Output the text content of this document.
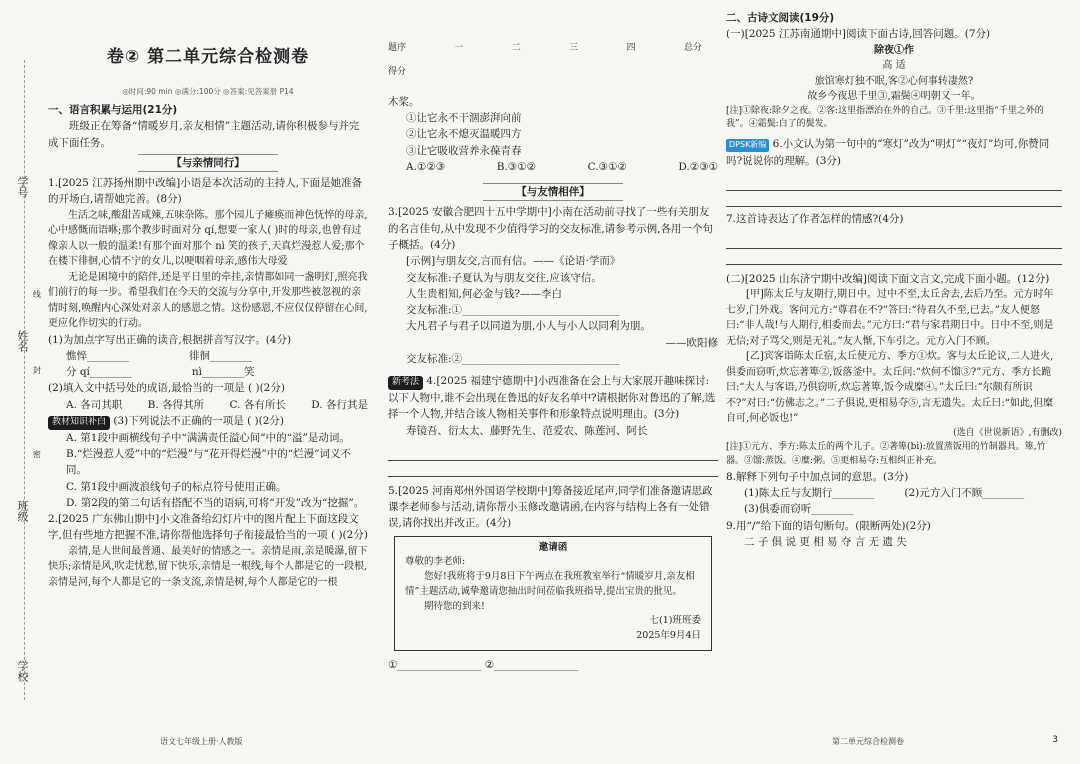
学号
线
姓名
封
班级
密
学校
卷② 第二单元综合检测卷
◎时间:90 min ◎满分:100分 ◎答案:见答案册 P14
一、语言积累与运用(21分)
班级正在筹备“情暖岁月,亲友相情”主题活动,请你积极参与并完成下面任务。
【与亲情同行】
1.[2025 江苏扬州期中改编]小语是本次活动的主持人,下面是她准备的开场白,请帮她完善。(8分)
生活之味,酸甜苦咸辣,五味杂陈。那个园儿子瘫痪而神色怃悴的母亲,心中感慨而语咻;那个教步时面对分 qí,想要一家人( )时的母亲,也曾有过像亲人以一般的温柔!有那个面对那个 nì 笑的孩子,天真烂漫惹人爱;那个在楼下徘徊,心情不宁的女儿,以哽咽着母亲,感伟大母爱
无论是困境中的陪伴,还是平日里的牵挂,亲情都如同一盏明灯,照亮我们前行的每一步。希望我们在今天的交流与分享中,开发那些被忽视的亲情时刻,唤醒内心深处对亲人的感恩之情。这份感恩,不应仅仅停留在心间,更应化作切实的行动。
(1)为加点字写出正确的读音,根据拼音写汉字。(4分)
憔悴________	徘徊________
分 qí________	nì________笑
(2)填入文中括号处的成语,最恰当的一项是 ( )(2分)
A. 各司其职 B. 各得其所 C. 各有所长 D. 各行其是
教材知识补白 (3)下列说法不正确的一项是 ( )(2分)
A. 第1段中画横线句子中“满满责任溢心间”中的“溢”是动词。
B.“烂漫惹人爱”中的“烂漫”与“花开得烂漫”中的“烂漫”词义不同。
C. 第1段中画波浪线句子的标点符号使用正确。
D. 第2段的第二句话有搭配不当的语病,可将“开发”改为“挖掘”。
2.[2025 广东佛山期中]小文准备给幻灯片中的图片配上下面这段文字,但有些地方把握不准,请你帮他选择句子衔接最恰当的一项 ( )(2分)
亲情,是人世间最普通、最美好的情感之一。亲情是雨,亲是暖瀑,留下快乐;亲情是风,吹走忧愁,留下快乐,亲情是一根线,每个人都是它的一段根,亲情是河,每个人都是它的一条支流,亲情是树,每个人都是它的一根
语文七年级上册·人教版
题序	一	二	三	四	总分
得分
木桨。
①让它永不干涸澎湃向前
②让它永不熄灭温暖四方
③让它吸收营养永葆青春
A.①②③	B.③①②	C.③①②	D.②③①
【与友情相伴】
3.[2025 安徽合肥四十五中学期中]小南在活动前寻找了一些有关朋友的名言佳句,从中发现不少值得学习的交友标准,请参考示例,各用一个句子概括。(4分)
[示例]与朋友交,言而有信。——《论语·学而》
交友标准:子夏认为与朋友交往,应该守信。
人生贵相知,何必金与钱?——李白
交友标准:①______________________________
大凡君子与君子以同道为朋,小人与小人以同利为朋。
——欧阳修
交友标准:②______________________________
新考法 4.[2025 福建宁德期中]小西准备在会上与大家展开趣味探讨:以下人物中,谁不会出现在鲁迅的好友名单中?请根据你对鲁迅的了解,选择一个人物,并结合该人物相关事件和形象特点说明理由。(3分)
寿镜吾、衍太太、藤野先生、范爱农、陈莲河、阿长
5.[2025 河南郑州外国语学校期中]筹备接近尾声,同学们准备邀请思政课李老师参与活动,请你帮小玉修改邀请函,在内容与结构上各有一处错误,请你找出并改正。(4分)
邀请函
尊敬的李老师:
您好!我班将于9月8日下午两点在我班教室举行“情暖岁月,亲友相情”主题活动,诚挚邀请您抽出时间莅临我班指导,提出宝贵的批见。
期待您的到来!
七(1)班班委
2025年9月4日
①________________ ②________________
二、古诗文阅读(19分)
(一)[2025 江苏南通期中]阅读下面古诗,回答问题。(7分)
除夜①作
高 适
旅馆寒灯独不眠,客②心何事转凄然?
故乡今夜思千里③,霜鬓④明朝又一年。
[注]①除夜:除夕之夜。②客:这里指漂泊在外的自己。③千里:这里指“千里之外的我”。④霜鬓:白了的鬓发。
DPSK新编 6.小文认为第一句中的“寒灯”改为“明灯”“夜灯”均可,你赞同吗?说说你的理解。(3分)
7.这首诗表达了作者怎样的情感?(4分)
(二)[2025 山东济宁期中改编]阅读下面文言文,完成下面小题。(12分)
[甲]陈太丘与友期行,期日中。过中不至,太丘舍去,去后乃至。元方时年七岁,门外戏。客问元方:“尊君在不?”答曰:“待君久不至,已去。”友人便怒曰:“非人哉!与人期行,相委而去。”元方曰:“君与家君期日中。日中不至,则是无信;对子骂父,则是无礼。”友人惭,下车引之。元方入门不顾。
[乙]宾客诣陈太丘宿,太丘使元方、季方①炊。客与太丘论议,二人进火,俱委而窃听,炊忘著箄②,饭落釜中。太丘问:“炊何不馏③?”元方、季方长跪曰:“大人与客语,乃俱窃听,炊忘著箄,饭今成糜④。”太丘曰:“尔颇有所识不?”对曰:“仿佛志之。”二子俱说,更相易夺⑤,言无遗失。太丘曰:“如此,但糜自可,何必饭也!”
(选自《世说新语》,有删改)
[注]①元方、季方:陈太丘的两个儿子。②著箄(bì):放置蒸饭用的竹制器具。箄,竹器。③馏:蒸饭。④糜:粥。⑤更相易夺:互相纠正补充。
8.解释下列句子中加点词的意思。(3分)
(1)陈太丘与友期行________	(2)元方入门不顾________
(3)俱委而窃听________
9.用“/”给下面的语句断句。(限断两处)(2分)
二 子 俱 说 更 相 易 夺 言 无 遗 失
第二单元综合检测卷	3
